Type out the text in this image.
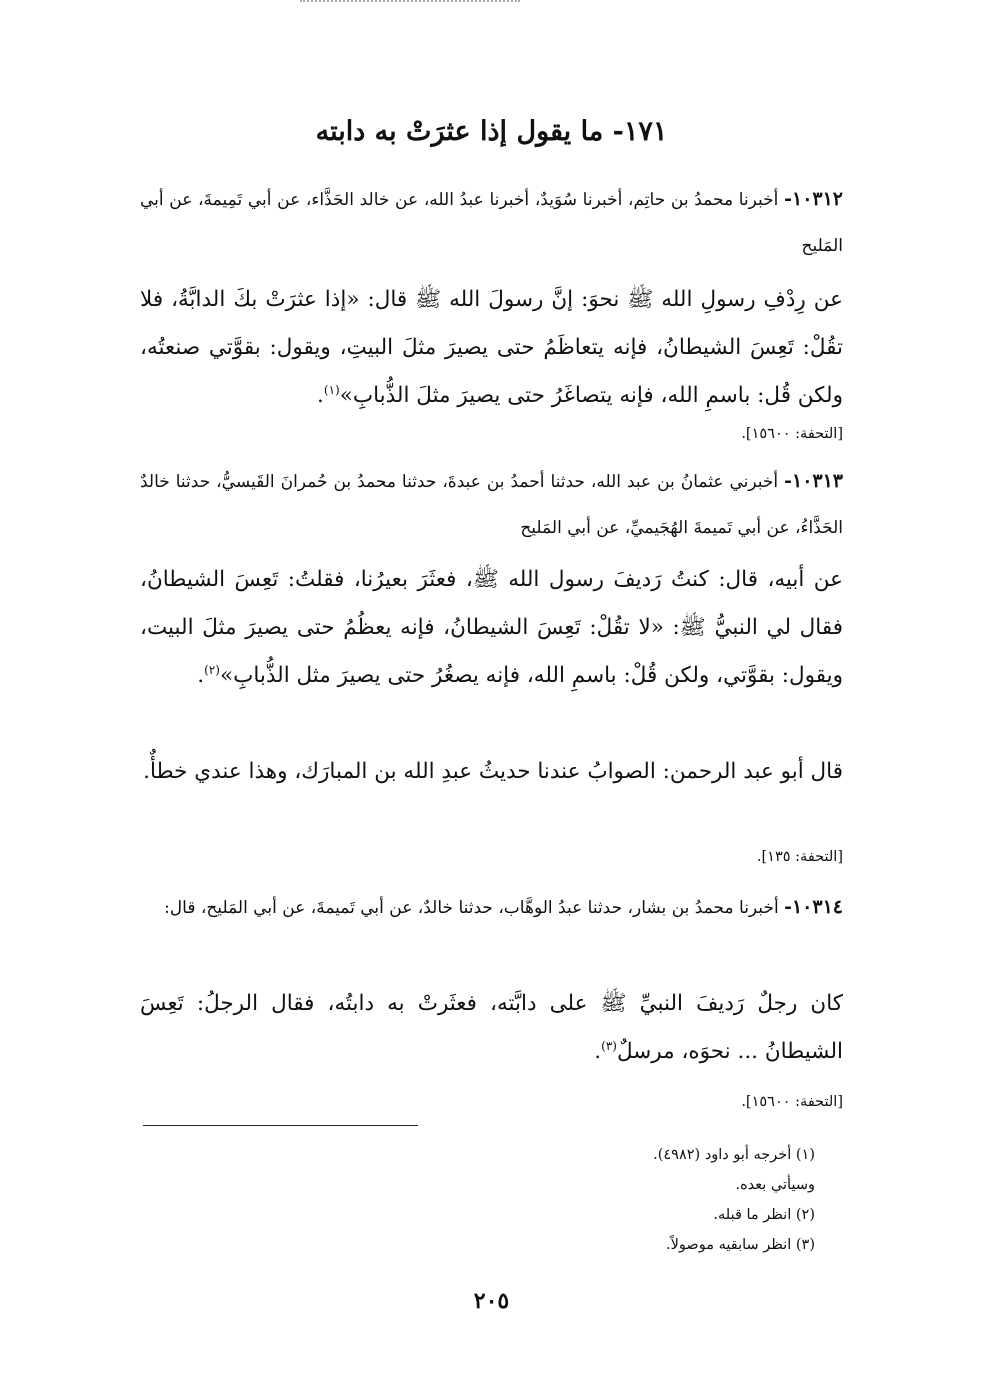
١٧١- ما يقول إذا عثرَتْ به دابته
١٠٣١٢- أخبرنا محمدُ بن حاتِم، أخبرنا سُوَيدٌ، أخبرنا عبدُ الله، عن خالد الحَذَّاء، عن أبي تَمِيمةَ، عن أبي المَليح
عن رِدْفِ رسولِ الله ﷺ نحوَ: إنَّ رسولَ الله ﷺ قال: «إذا عثرَتْ بكَ الدابَّةُ، فلا تقُلْ: تَعِسَ الشيطانُ، فإنه يتعاظَمُ حتى يصيرَ مثلَ البيتِ، ويقول: بقوَّتي صنعتُه، ولكن قُل: باسمِ الله، فإنه يتصاغَرُ حتى يصيرَ مثلَ الذُّبابِ»$^{(١)}$.
[التحفة: ١٥٦٠٠].
١٠٣١٣- أخبرني عثمانُ بن عبد الله، حدثنا أحمدُ بن عبدةَ، حدثنا محمدُ بن حُمرانَ القَيسيُّ، حدثنا خالدٌ الحَذَّاءُ، عن أبي تَميمةَ الهُجَيميِّ، عن أبي المَليح
عن أبيه، قال: كنتُ رَديفَ رسول الله ﷺ، فعثَرَ بعيرُنا، فقلتُ: تَعِسَ الشيطانُ، فقال لي النبيُّ ﷺ: «لا تقُلْ: تَعِسَ الشيطانُ، فإنه يعظُمُ حتى يصيرَ مثلَ البيت، ويقول: بقوَّتي، ولكن قُلْ: باسمِ الله، فإنه يصغُرُ حتى يصيرَ مثل الذُّبابِ»$^{(٢)}$.
قال أبو عبد الرحمن: الصوابُ عندنا حديثُ عبدِ الله بن المبارَك، وهذا عندي خطأٌ.
[التحفة: ١٣٥].
١٠٣١٤- أخبرنا محمدُ بن بشار، حدثنا عبدُ الوهَّاب، حدثنا خالدٌ، عن أبي تَميمةَ، عن أبي المَليح، قال:
كان رجلٌ رَديفَ النبيِّ ﷺ على دابَّته، فعثَرتْ به دابتُه، فقال الرجلُ: تَعِسَ الشيطانُ ... نحوَه، مرسلٌ$^{(٣)}$.
[التحفة: ١٥٦٠٠].
(١) أخرجه أبو داود (٤٩٨٢).
وسيأتي بعده.
(٢) انظر ما قبله.
(٣) انظر سابقيه موصولاً.
٢٠٥
